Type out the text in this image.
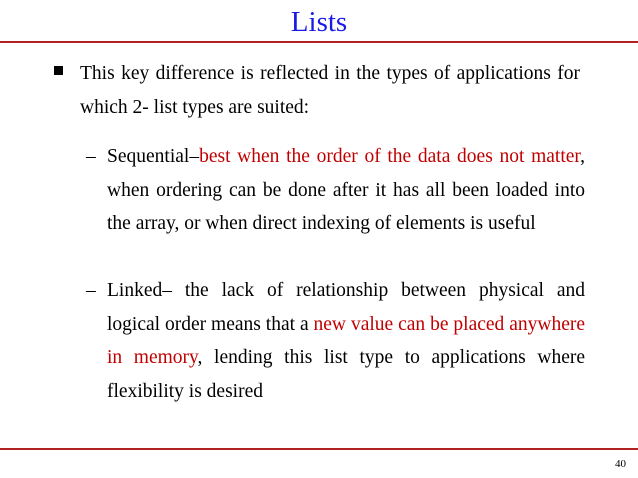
Lists
This key difference is reflected in the types of applications for which 2- list types are suited:
– Sequential–best when the order of the data does not matter, when ordering can be done after it has all been loaded into the array, or when direct indexing of elements is useful
– Linked– the lack of relationship between physical and logical order means that a new value can be placed anywhere in memory, lending this list type to applications where flexibility is desired
40
